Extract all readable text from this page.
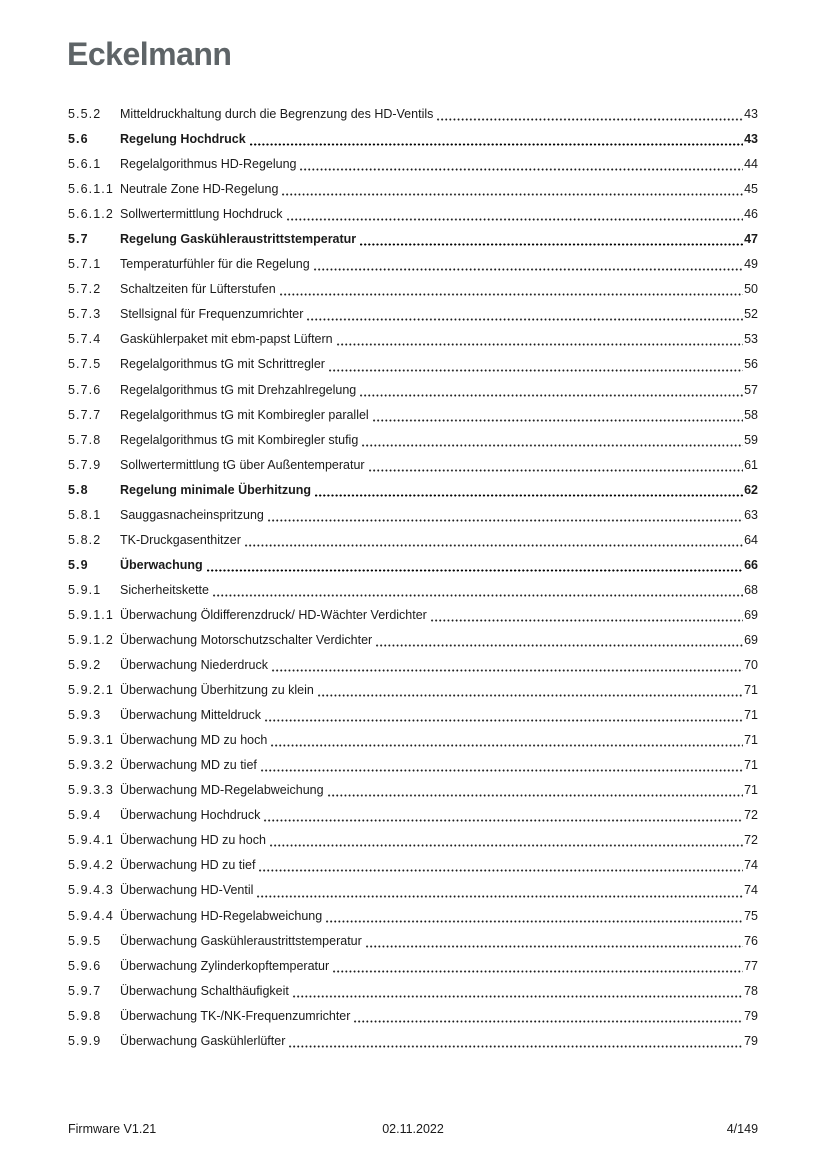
Eckelmann
5.5.2	Mitteldruckhaltung durch die Begrenzung des HD-Ventils	43
5.6	Regelung Hochdruck	43
5.6.1	Regelalgorithmus HD-Regelung	44
5.6.1.1 Neutrale Zone HD-Regelung	45
5.6.1.2 Sollwertermittlung Hochdruck	46
5.7	Regelung Gaskühleraustrittstemperatur	47
5.7.1	Temperaturfühler für die Regelung	49
5.7.2	Schaltzeiten für Lüfterstufen	50
5.7.3	Stellsignal für Frequenzumrichter	52
5.7.4	Gaskühlerpaket mit ebm-papst Lüftern	53
5.7.5	Regelalgorithmus tG mit Schrittregler	56
5.7.6	Regelalgorithmus tG mit Drehzahlregelung	57
5.7.7	Regelalgorithmus tG mit Kombiregler parallel	58
5.7.8	Regelalgorithmus tG mit Kombiregler stufig	59
5.7.9	Sollwertermittlung tG über Außentemperatur	61
5.8	Regelung minimale Überhitzung	62
5.8.1	Sauggasnacheinspritzung	63
5.8.2	TK-Druckgasenthitzer	64
5.9	Überwachung	66
5.9.1	Sicherheitskette	68
5.9.1.1 Überwachung Öldifferenzdruck/ HD-Wächter Verdichter	69
5.9.1.2 Überwachung Motorschutzschalter Verdichter	69
5.9.2	Überwachung Niederdruck	70
5.9.2.1 Überwachung Überhitzung zu klein	71
5.9.3	Überwachung Mitteldruck	71
5.9.3.1 Überwachung MD zu hoch	71
5.9.3.2 Überwachung MD zu tief	71
5.9.3.3 Überwachung MD-Regelabweichung	71
5.9.4	Überwachung Hochdruck	72
5.9.4.1 Überwachung HD zu hoch	72
5.9.4.2 Überwachung HD zu tief	74
5.9.4.3 Überwachung HD-Ventil	74
5.9.4.4 Überwachung HD-Regelabweichung	75
5.9.5	Überwachung Gaskühleraustrittstemperatur	76
5.9.6	Überwachung Zylinderkopftemperatur	77
5.9.7	Überwachung Schalthäufigkeit	78
5.9.8	Überwachung TK-/NK-Frequenzumrichter	79
5.9.9	Überwachung Gaskühlerlüfter	79
Firmware V1.21	02.11.2022	4/149
